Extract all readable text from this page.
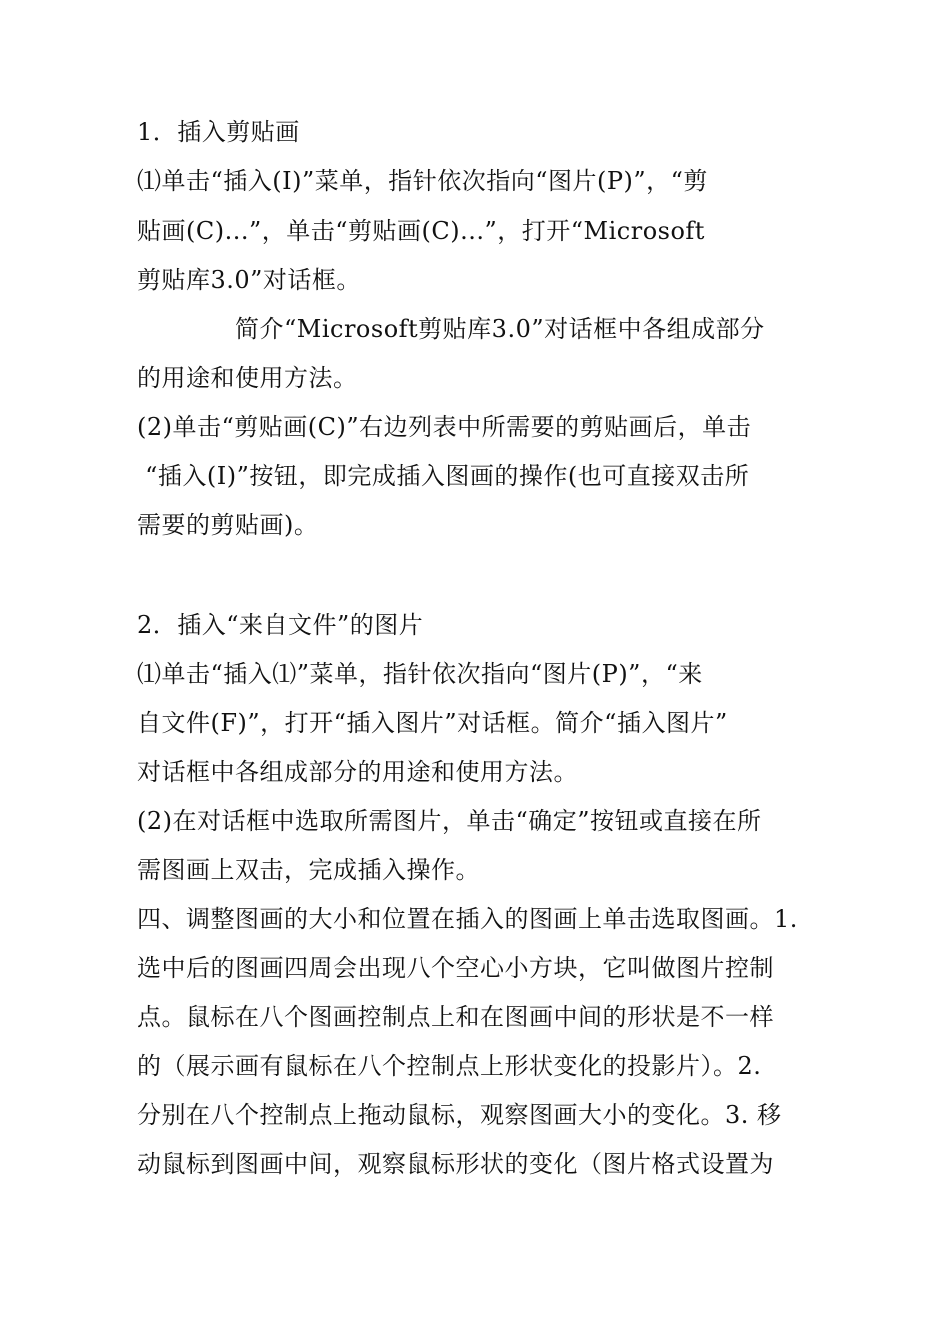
1．插入剪贴画
⑴单击“插入(I)”菜单，指针依次指向“图片(P)”，“剪
贴画(C)...”，单击“剪贴画(C)...”，打开“Microsoft
剪贴库3.0”对话框。
　　　　简介“Microsoft剪贴库3.0”对话框中各组成部分
的用途和使用方法。
(2)单击“剪贴画(C)”右边列表中所需要的剪贴画后，单击
“插入(I)”按钮，即完成插入图画的操作(也可直接双击所
需要的剪贴画)。
2．插入“来自文件”的图片
⑴单击“插入⑴”菜单，指针依次指向“图片(P)”，“来
自文件(F)”，打开“插入图片”对话框。简介“插入图片”
对话框中各组成部分的用途和使用方法。
(2)在对话框中选取所需图片，单击“确定”按钮或直接在所
需图画上双击，完成插入操作。
四、调整图画的大小和位置在插入的图画上单击选取图画。1.
选中后的图画四周会出现八个空心小方块，它叫做图片控制
点。鼠标在八个图画控制点上和在图画中间的形状是不一样
的（展示画有鼠标在八个控制点上形状变化的投影片）。2.
分别在八个控制点上拖动鼠标，观察图画大小的变化。3. 移
动鼠标到图画中间，观察鼠标形状的变化（图片格式设置为
